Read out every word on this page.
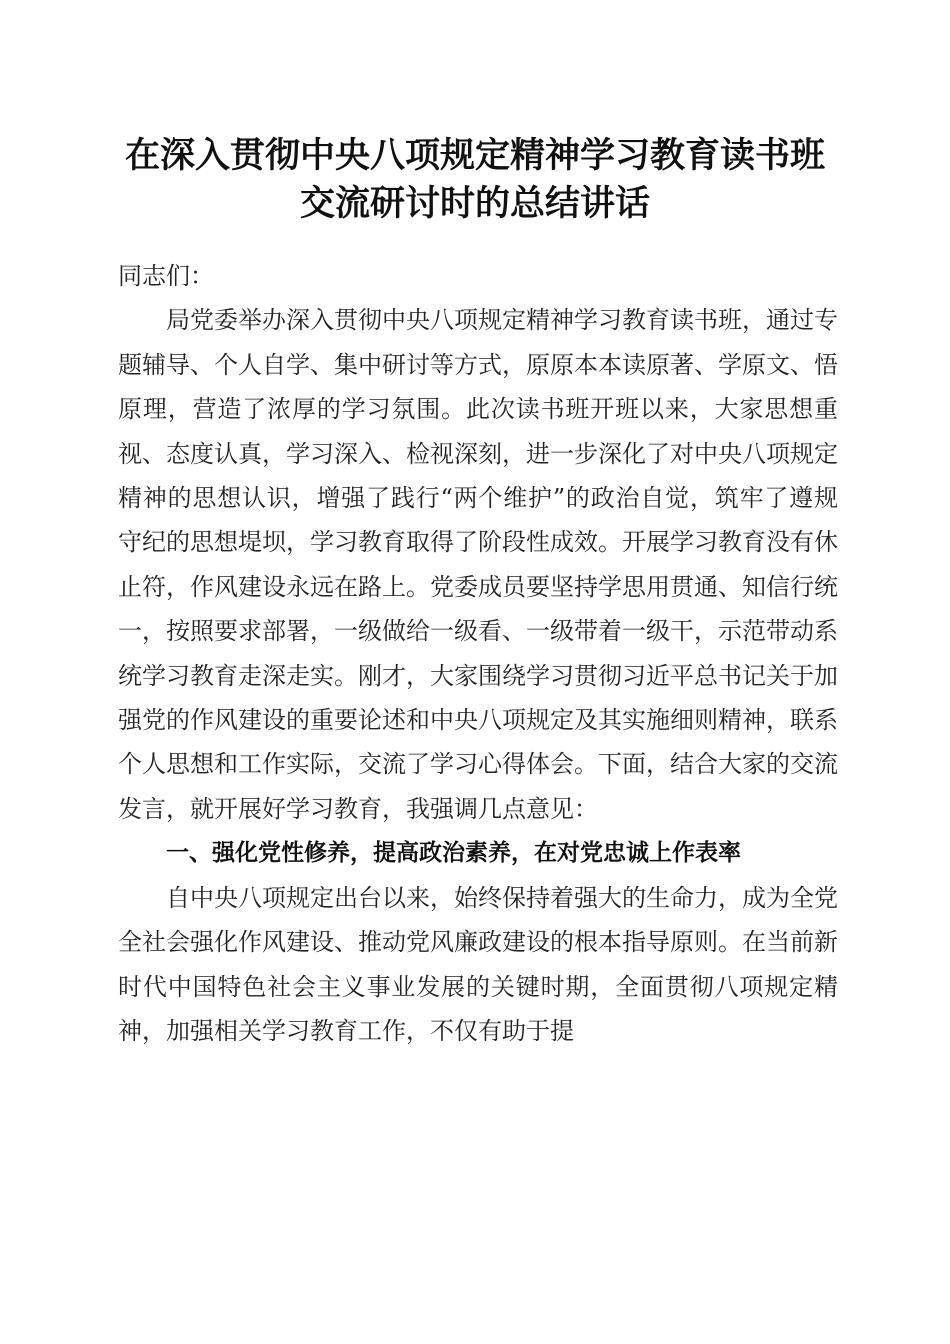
在深入贯彻中央八项规定精神学习教育读书班
交流研讨时的总结讲话

同志们：

局党委举办深入贯彻中央八项规定精神学习教育读书班，通过专题辅导、个人自学、集中研讨等方式，原原本本读原著、学原文、悟原理，营造了浓厚的学习氛围。此次读书班开班以来，大家思想重视、态度认真，学习深入、检视深刻，进一步深化了对中央八项规定精神的思想认识，增强了践行“两个维护”的政治自觉，筑牢了遵规守纪的思想堤坝，学习教育取得了阶段性成效。开展学习教育没有休止符，作风建设永远在路上。党委成员要坚持学思用贯通、知信行统一，按照要求部署，一级做给一级看、一级带着一级干，示范带动系统学习教育走深走实。刚才，大家围绕学习贯彻习近平总书记关于加强党的作风建设的重要论述和中央八项规定及其实施细则精神，联系个人思想和工作实际，交流了学习心得体会。下面，结合大家的交流发言，就开展好学习教育，我强调几点意见：

一、强化党性修养，提高政治素养，在对党忠诚上作表率

自中央八项规定出台以来，始终保持着强大的生命力，成为全党全社会强化作风建设、推动党风廉政建设的根本指导原则。在当前新时代中国特色社会主义事业发展的关键时期，全面贯彻八项规定精神，加强相关学习教育工作，不仅有助于提
